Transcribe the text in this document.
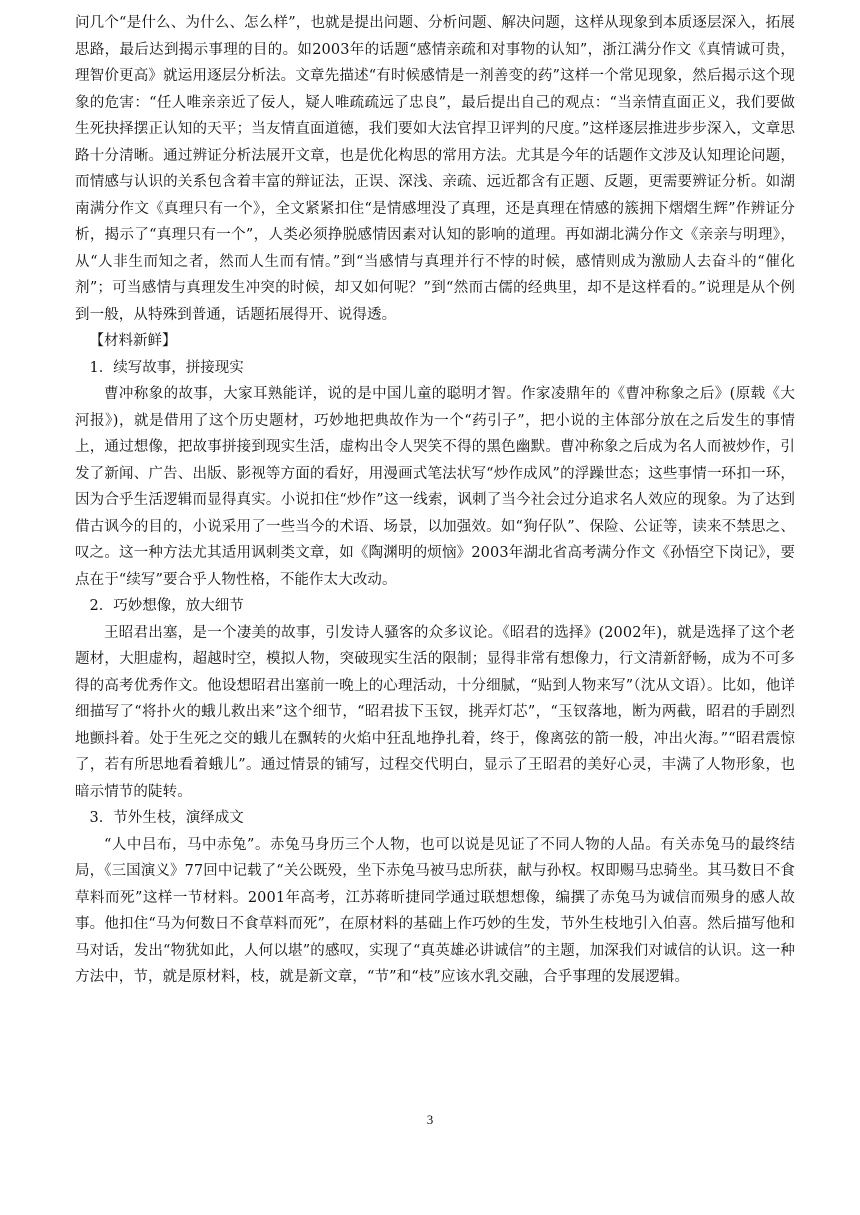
问几个“是什么、为什么、怎么样”，也就是提出问题、分析问题、解决问题，这样从现象到本质逐层深入，拓展思路，最后达到揭示事理的目的。如2003年的话题“感情亲疏和对事物的认知”，浙江满分作文《真情诚可贵，理智价更高》就运用逐层分析法。文章先描述“有时候感情是一剂善变的药”这样一个常见现象，然后揭示这个现象的危害：“任人唯亲亲近了佞人，疑人唯疏疏远了忠良”，最后提出自己的观点：“当亲情直面正义，我们要做生死抉择摆正认知的天平；当友情直面道德，我们要如大法官捍卫评判的尺度。”这样逐层推进步步深入，文章思路十分清晰。通过辨证分析法展开文章，也是优化构思的常用方法。尤其是今年的话题作文涉及认知理论问题，而情感与认识的关系包含着丰富的辩证法，正误、深浅、亲疏、远近都含有正题、反题，更需要辨证分析。如湖南满分作文《真理只有一个》，全文紧紧扣住“是情感埋没了真理，还是真理在情感的簇拥下熠熠生辉”作辨证分析，揭示了“真理只有一个”，人类必须挣脱感情因素对认知的影响的道理。再如湖北满分作文《亲亲与明理》，从“人非生而知之者，然而人生而有情。”到“当感情与真理并行不悖的时候，感情则成为激励人去奋斗的“催化剂”；可当感情与真理发生冲突的时候，却又如何呢？”到“然而古儒的经典里，却不是这样看的。”说理是从个例到一般，从特殊到普通，话题拓展得开、说得透。

【材料新鲜】

1．续写故事，拼接现实

曹冲称象的故事，大家耳熟能详，说的是中国儿童的聪明才智。作家凌鼎年的《曹冲称象之后》(原载《大河报》)，就是借用了这个历史题材，巧妙地把典故作为一个“药引子”，把小说的主体部分放在之后发生的事情上，通过想像，把故事拼接到现实生活，虚构出令人哭笑不得的黑色幽默。曹冲称象之后成为名人而被炒作，引发了新闻、广告、出版、影视等方面的看好，用漫画式笔法状写“炒作成风”的浮躁世态；这些事情一环扣一环，因为合乎生活逻辑而显得真实。小说扣住“炒作”这一线索，讽刺了当今社会过分追求名人效应的现象。为了达到借古讽今的目的，小说采用了一些当今的术语、场景，以加强效。如“狗仔队”、保险、公证等，读来不禁思之、叹之。这一种方法尤其适用讽刺类文章，如《陶渊明的烦恼》2003年湖北省高考满分作文《孙悟空下岗记》，要点在于“续写”要合乎人物性格，不能作太大改动。

2．巧妙想像，放大细节

王昭君出塞，是一个凄美的故事，引发诗人骚客的众多议论。《昭君的选择》(2002年)，就是选择了这个老题材，大胆虚构，超越时空，模拟人物，突破现实生活的限制；显得非常有想像力，行文清新舒畅，成为不可多得的高考优秀作文。他设想昭君出塞前一晚上的心理活动，十分细腻，“贴到人物来写”（沈从文语）。比如，他详细描写了“将扑火的蛾儿救出来”这个细节，“昭君拔下玉钗，挑弄灯芯”，“玉钗落地，断为两截，昭君的手剧烈地颤抖着。处于生死之交的蛾儿在飘转的火焰中狂乱地挣扎着，终于，像离弦的箭一般，冲出火海。”“昭君震惊了，若有所思地看着蛾儿”。通过情景的铺写，过程交代明白，显示了王昭君的美好心灵，丰满了人物形象，也暗示情节的陡转。

3．节外生枝，演绎成文

“人中吕布，马中赤兔”。赤兔马身历三个人物，也可以说是见证了不同人物的人品。有关赤兔马的最终结局，《三国演义》77回中记载了“关公既殁，坐下赤兔马被马忠所获，献与孙权。权即赐马忠骑坐。其马数日不食草料而死”这样一节材料。2001年高考，江苏蒋昕捷同学通过联想想像，编撰了赤兔马为诚信而殒身的感人故事。他扣住“马为何数日不食草料而死”，在原材料的基础上作巧妙的生发，节外生枝地引入伯喜。然后描写他和马对话，发出“物犹如此，人何以堪”的感叹，实现了“真英雄必讲诚信”的主题，加深我们对诚信的认识。这一种方法中，节，就是原材料，枝，就是新文章，“节”和“枝”应该水乳交融，合乎事理的发展逻辑。

3
